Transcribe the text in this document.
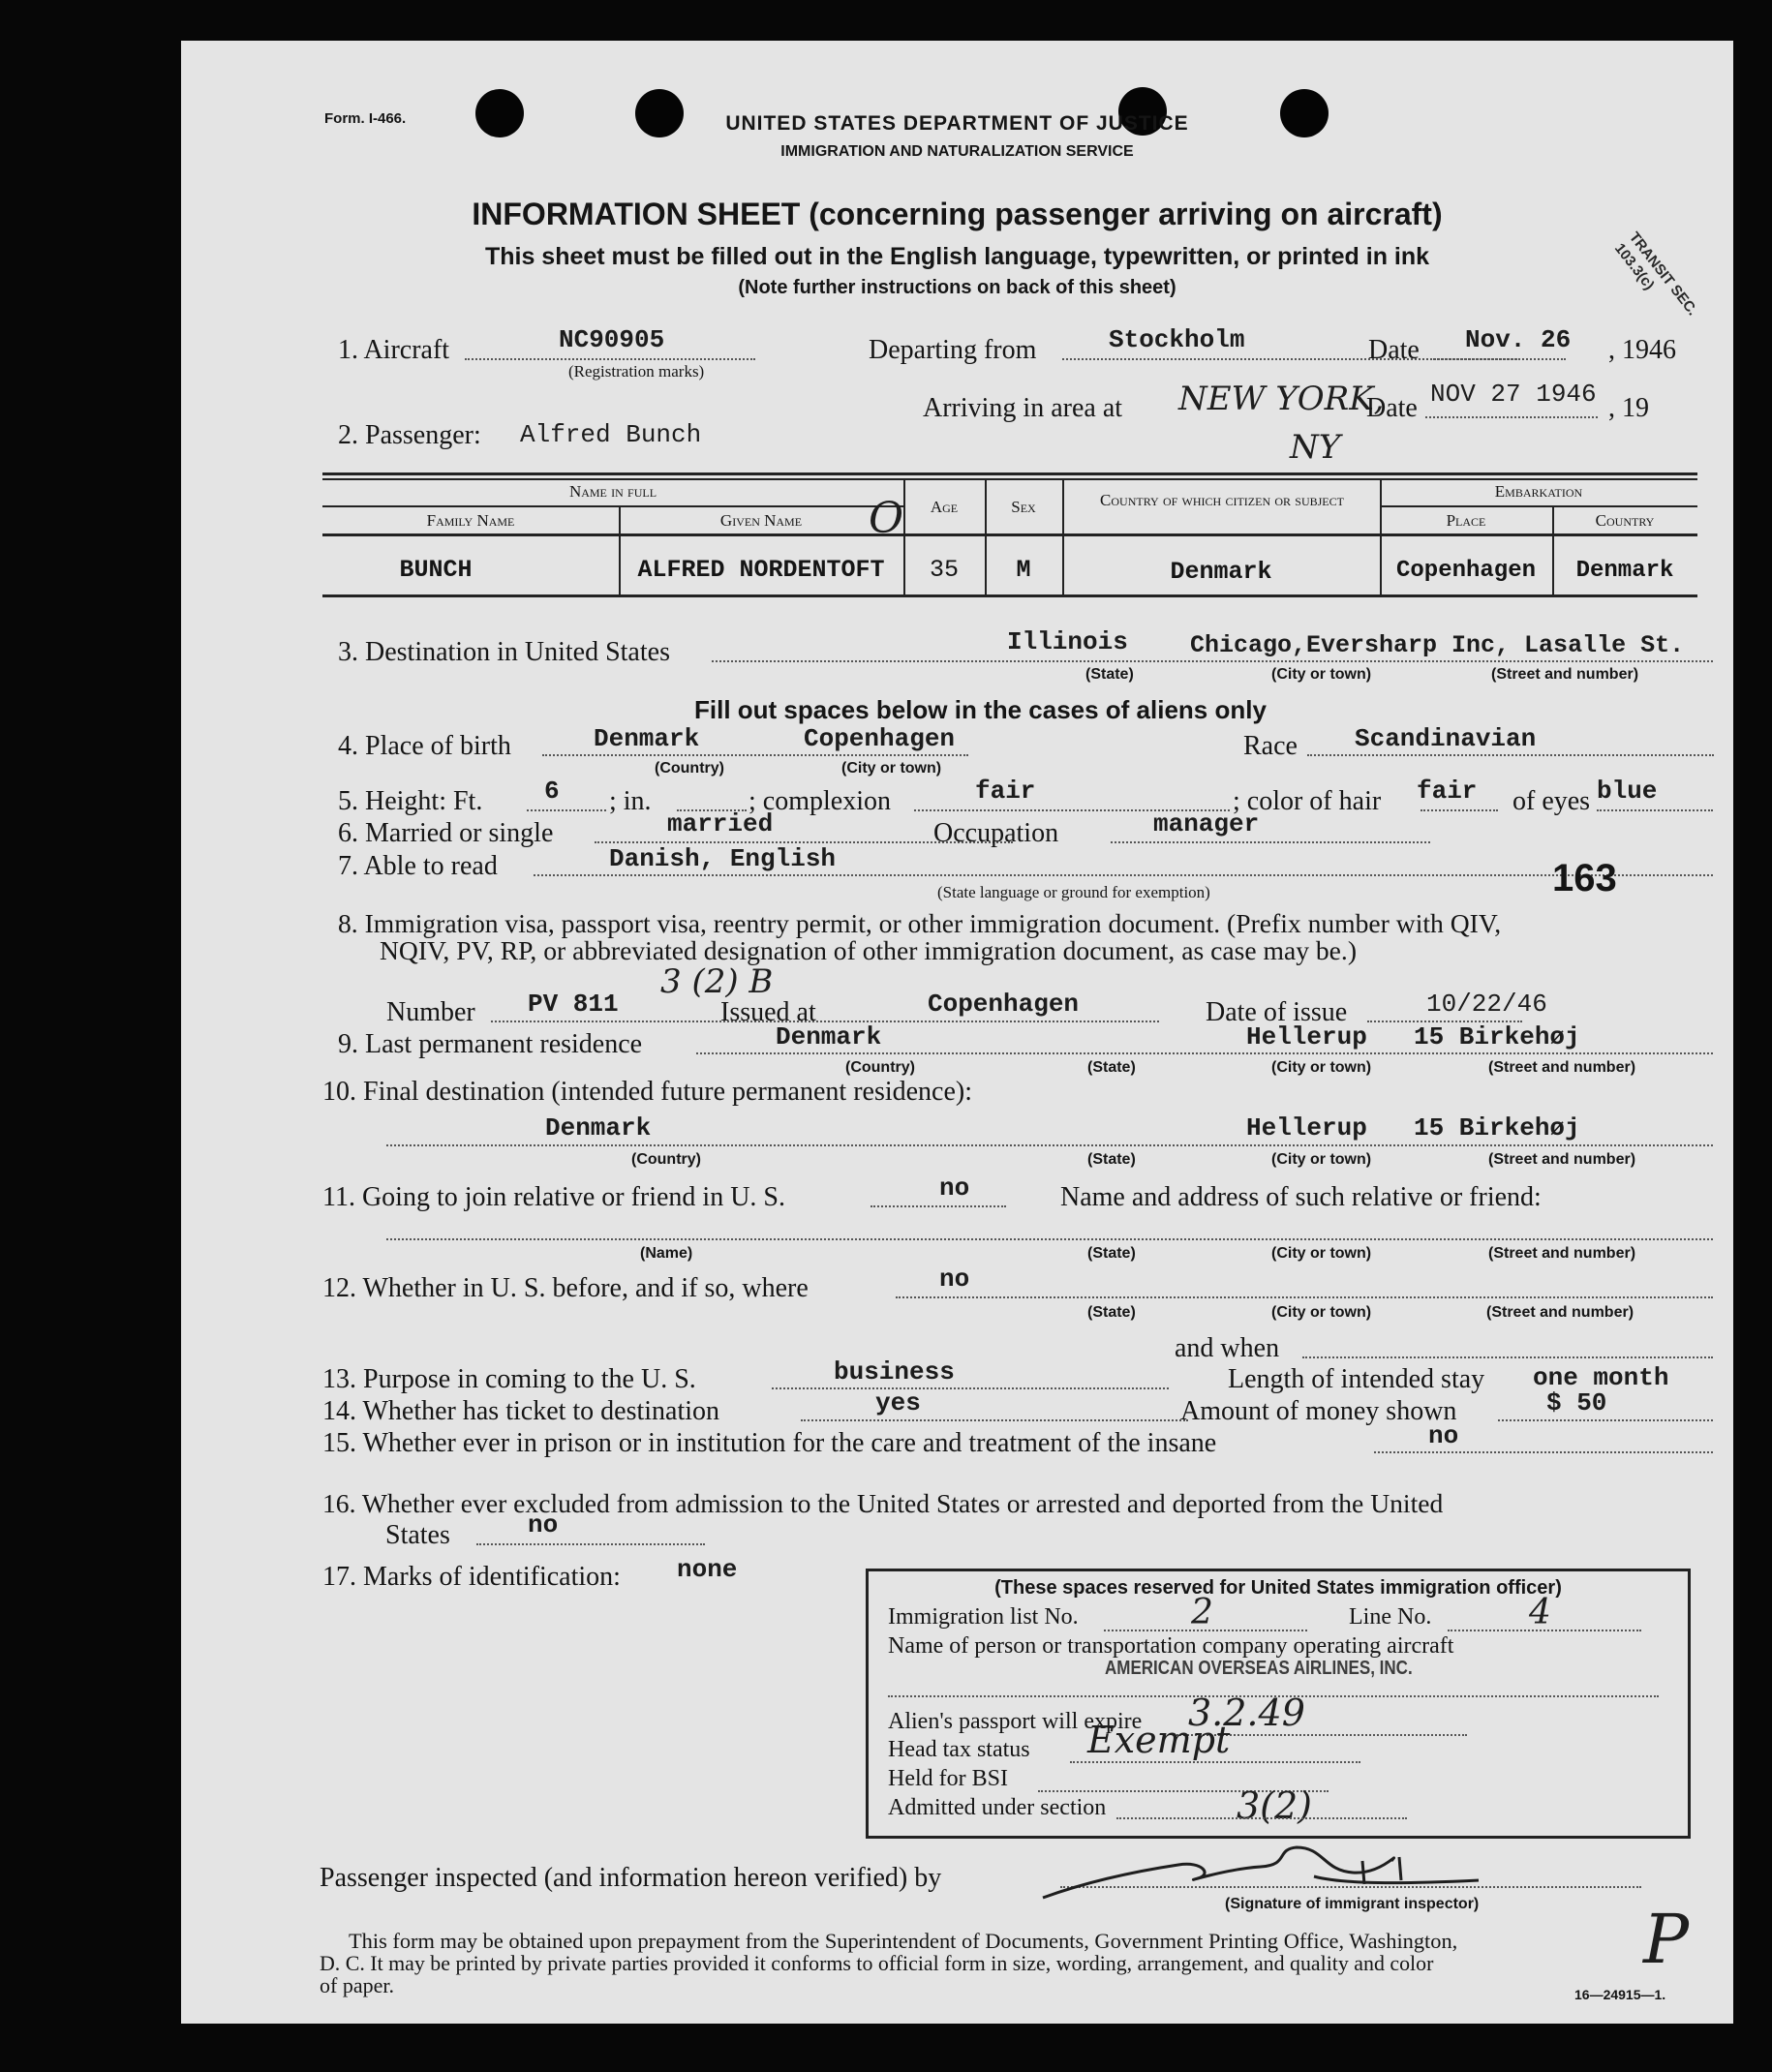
Form. I-466.	UNITED STATES DEPARTMENT OF JUSTICE
IMMIGRATION AND NATURALIZATION SERVICE
INFORMATION SHEET (concerning passenger arriving on aircraft)
This sheet must be filled out in the English language, typewritten, or printed in ink
(Note further instructions on back of this sheet)	TRANSIT SEC. 103.3(c)
1. Aircraft	NC90905
(Registration marks)
Departing from	Stockholm	Date Nov. 26 , 1946
Arriving in area at NEW YORK,
NY
Date NOV 27 1946 , 19
2. Passenger: Alfred Bunch
Name in full
Family Name	Given Name	O	Age	Sex	Country of which citizen or subject	Embarkation
Place	Country
BUNCH	ALFRED NORDENTOFT	35	M	Denmark	Copenhagen	Denmark
3. Destination in United States	Illinois	Chicago,Eversharp Inc, Lasalle St.
(State)	(City or town)	(Street and number)
Fill out spaces below in the cases of aliens only
4. Place of birth	Denmark	Copenhagen
(Country)	(City or town)
Race Scandinavian
5. Height: Ft. 6 ; in.	; complexion	fair	; color of hair fair of eyes blue
6. Married or single	married	Occupation	manager
7. Able to read	Danish, English
(State language or ground for exemption)	163
8. Immigration visa, passport visa, reentry permit, or other immigration document. (Prefix number with QIV,
NQIV, PV, RP, or abbreviated designation of other immigration document, as case may be.)
3 (2) B
Number PV 811	Issued at	Copenhagen	Date of issue	10/22/46
9. Last permanent residence	Denmark	Hellerup 15 Birkehøj
(Country)	(State)	(City or town)	(Street and number)
10. Final destination (intended future permanent residence):
Denmark	Hellerup 15 Birkehøj
(Country)	(State)	(City or town)	(Street and number)
11. Going to join relative or friend in U. S.	no	Name and address of such relative or friend:
(Name)	(State)	(City or town)	(Street and number)
12. Whether in U. S. before, and if so, where	no
(State)	(City or town)	(Street and number)
and when
13. Purpose in coming to the U. S.	business	Length of intended stay one month
14. Whether has ticket to destination	yes	Amount of money shown	$ 50
15. Whether ever in prison or in institution for the care and treatment of the insane	no
16. Whether ever excluded from admission to the United States or arrested and deported from the United
States	no
17. Marks of identification: none
(These spaces reserved for United States immigration officer)
Immigration list No.	2	Line No.	4
Name of person or transportation company operating aircraft
AMERICAN OVERSEAS AIRLINES, INC.
Alien's passport will expire 3.2.49
Head tax status Exempt
Held for BSI
Admitted under section	3(2)
Passenger inspected (and information hereon verified) by
(Signature of immigrant inspector)
This form may be obtained upon prepayment from the Superintendent of Documents, Government Printing Office, Washington,
D. C. It may be printed by private parties provided it conforms to official form in size, wording, arrangement, and quality and color
of paper.	16—24915—1.
P
